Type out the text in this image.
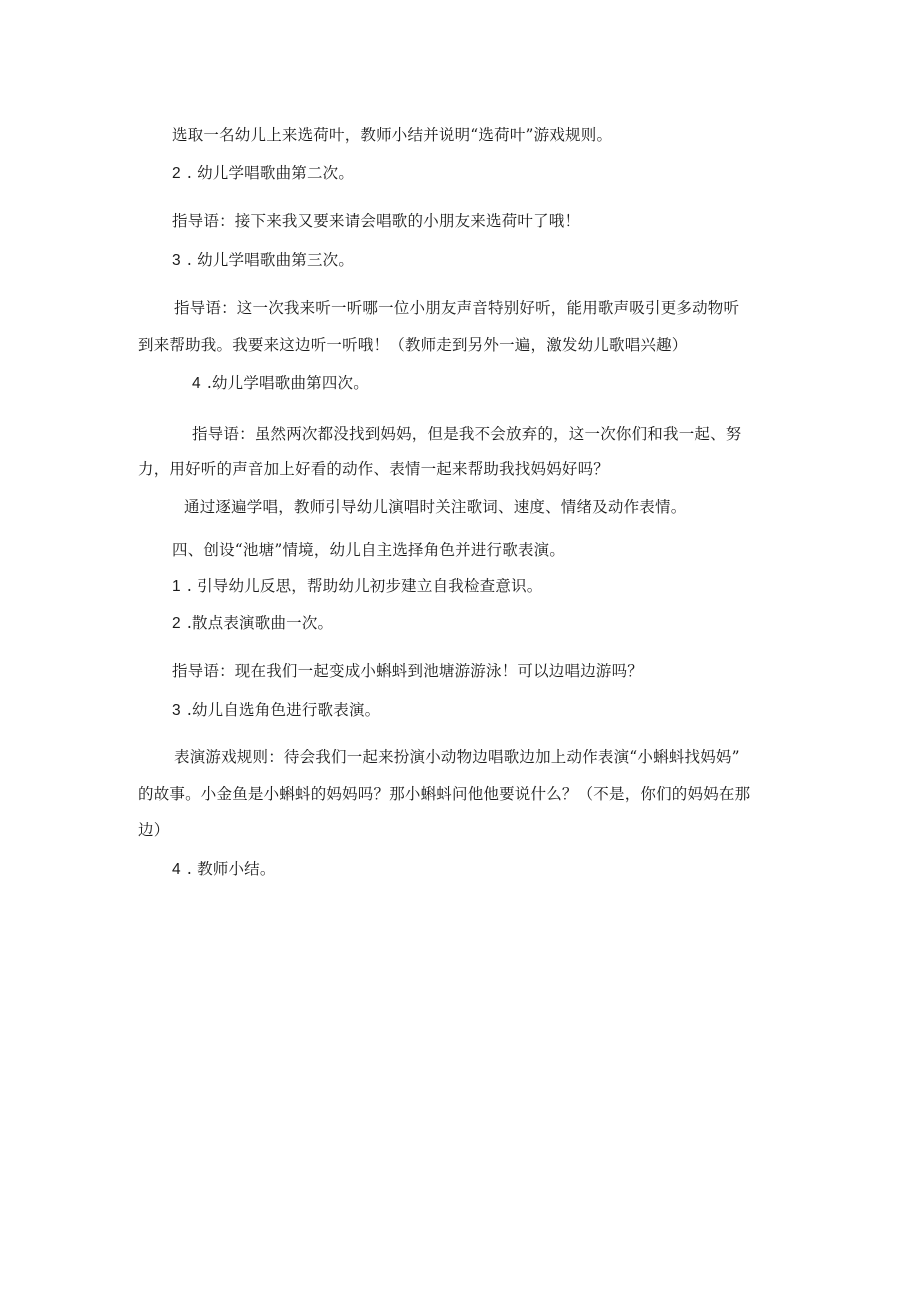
选取一名幼儿上来选荷叶，教师小结并说明“选荷叶”游戏规则。
2 . 幼儿学唱歌曲第二次。
指导语：接下来我又要来请会唱歌的小朋友来选荷叶了哦！
3 . 幼儿学唱歌曲第三次。
指导语：这一次我来听一听哪一位小朋友声音特别好听，能用歌声吸引更多动物听
到来帮助我。我要来这边听一听哦！（教师走到另外一遍，激发幼儿歌唱兴趣）
4 .幼儿学唱歌曲第四次。
指导语：虽然两次都没找到妈妈，但是我不会放弃的，这一次你们和我一起、努
力，用好听的声音加上好看的动作、表情一起来帮助我找妈妈好吗？
通过逐遍学唱，教师引导幼儿演唱时关注歌词、速度、情绪及动作表情。
四、创设“池塘”情境，幼儿自主选择角色并进行歌表演。
1 . 引导幼儿反思，帮助幼儿初步建立自我检查意识。
2 .散点表演歌曲一次。
指导语：现在我们一起变成小蝌蚪到池塘游游泳！可以边唱边游吗？
3 .幼儿自选角色进行歌表演。
表演游戏规则：待会我们一起来扮演小动物边唱歌边加上动作表演“小蝌蚪找妈妈”
的故事。小金鱼是小蝌蚪的妈妈吗？那小蝌蚪问他他要说什么？（不是，你们的妈妈在那
边）
4 . 教师小结。
